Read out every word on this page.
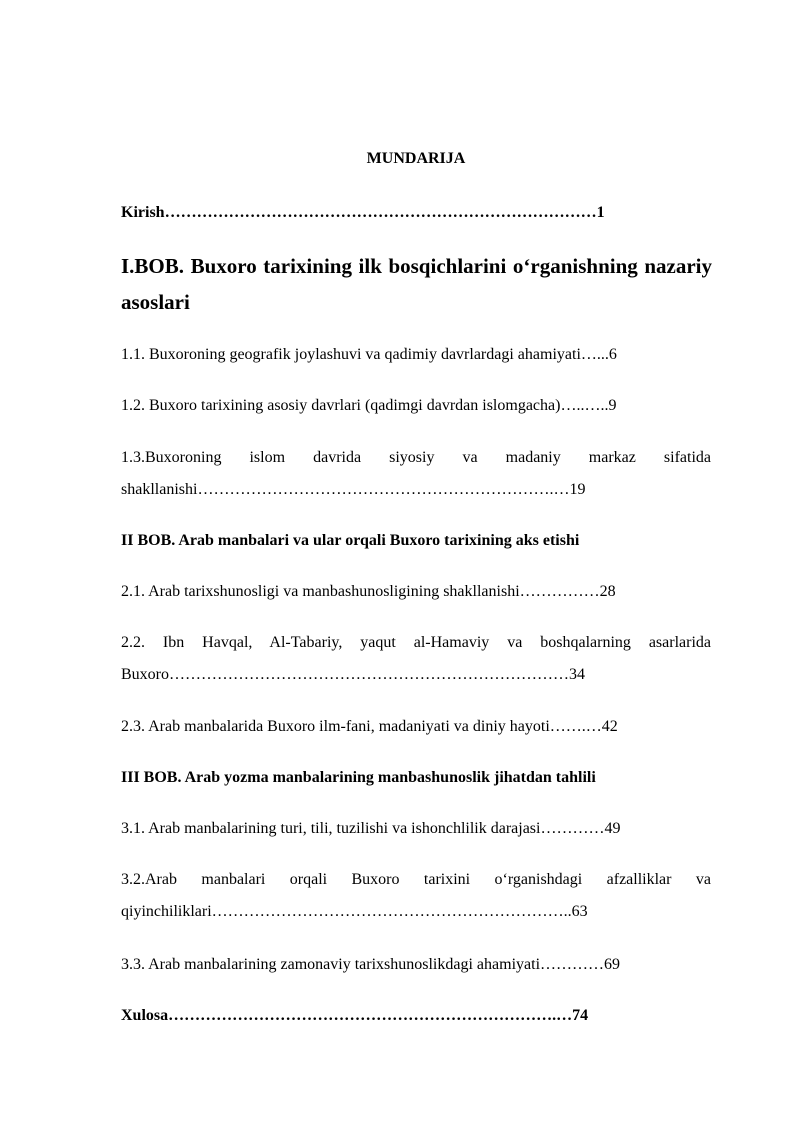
MUNDARIJA
Kirish………………………………………………………………………1
I.BOB. Buxoro tarixining ilk bosqichlarini o‘rganishning nazariy asoslari
1.1. Buxoroning geografik joylashuvi va qadimiy davrlardagi ahamiyati…...6
1.2. Buxoro tarixining asosiy davrlari (qadimgi davrdan islomgacha)…..…..9
1.3.Buxoroning islom davrida siyosiy va madaniy markaz sifatida shakllanishi………………………………………………………….…19
II BOB. Arab manbalari va ular orqali Buxoro tarixining aks etishi
2.1. Arab tarixshunosligi va manbashunosligining shakllanishi……………28
2.2. Ibn Havqal, Al-Tabariy, yaqut al-Hamaviy va boshqalarning asarlarida Buxoro…………………………………………………………………34
2.3. Arab manbalarida Buxoro ilm-fani, madaniyati va diniy hayoti…….…42
III BOB. Arab yozma manbalarining manbashunoslik jihatdan tahlili
3.1. Arab manbalarining turi, tili, tuzilishi va ishonchlilik darajasi…………49
3.2.Arab manbalari orqali Buxoro tarixini o‘rganishdagi afzalliklar va qiyinchiliklari…………………………………………………………..63
3.3. Arab manbalarining zamonaviy tarixshunoslikdagi ahamiyati…………69
Xulosa……………………………………………………………….…74
